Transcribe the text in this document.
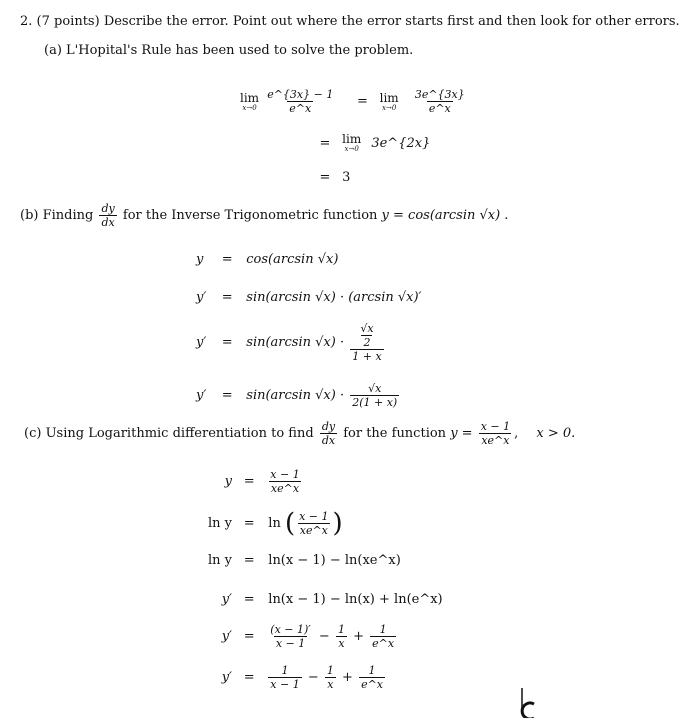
2. (7 points) Describe the error. Point out where the error starts first and then look for other errors.
(a) L'Hopital's Rule has been used to solve the problem.
lim
x→0
$\frac{e\^{}\{3x\} - 1}{e\^{}x} = \lim$
x→0
$\frac{3e\^{}\{3x\}}{e\^{}x}$
= lim
x→0 3e^{2x}
= 3
(b) Finding $\frac{dy}{dx}$ for the Inverse Trigonometric function y = cos(arcsin √x) .
y = cos(arcsin √x)
y′ = sin(arcsin √x) · (arcsin √x)′
y′ = sin(arcsin $√x) \cdot \frac{\frac{√x}{2}}{1 + x}$
y′ = sin(arcsin $√x) \cdot \frac{√x}{2(1 + x)}$
(c) Using Logarithmic differentiation to find $\frac{dy}{dx}$ for the function $y = \frac{x - 1}{xe\^{}x}$ , x > 0.
$y = \frac{x - 1}{xe\^{}x}$
ln y = ln ( $\frac{x - 1}{xe\^{}x}$ )
ln y = ln(x − 1) − ln(xe^x)
y′ = ln(x − 1) − ln(x) + ln(e^x)
$y' = \frac{(x - 1)'}{x - 1} - \frac{1}{x} + \frac{1}{e\^{}x}$
$y' = \frac{1}{x - 1} - \frac{1}{x} + \frac{1}{e\^{}x}$
